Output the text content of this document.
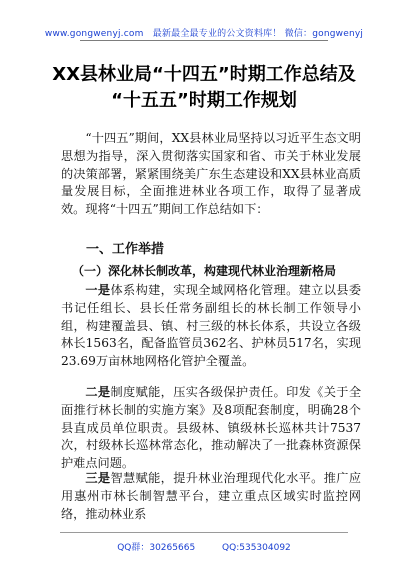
www.gongwenyj.com　最新最全最专业的公文资料库！ 微信：gongwenyj
XX县林业局“十四五”时期工作总结及
“十五五”时期工作规划
“十四五”期间，XX县林业局坚持以习近平生态文明思想为指导，深入贯彻落实国家和省、市关于林业发展的决策部署，紧紧围绕美广东生态建设和XX县林业高质量发展目标，全面推进林业各项工作，取得了显著成效。现将“十四五”期间工作总结如下：
一、工作举措
（一）深化林长制改革，构建现代林业治理新格局
一是体系构建，实现全域网格化管理。建立以县委书记任组长、县长任常务副组长的林长制工作领导小组，构建覆盖县、镇、村三级的林长体系，共设立各级林长1563名，配备监管员362名、护林员517名，实现23.69万亩林地网格化管护全覆盖。
二是制度赋能，压实各级保护责任。印发《关于全面推行林长制的实施方案》及8项配套制度，明确28个县直成员单位职责。县级林、镇级林长巡林共计7537次，村级林长巡林常态化，推动解决了一批森林资源保护难点问题。
三是智慧赋能，提升林业治理现代化水平。推广应用惠州市林长制智慧平台，建立重点区域实时监控网络，推动林业系
QQ群：30265665	QQ:535304092
